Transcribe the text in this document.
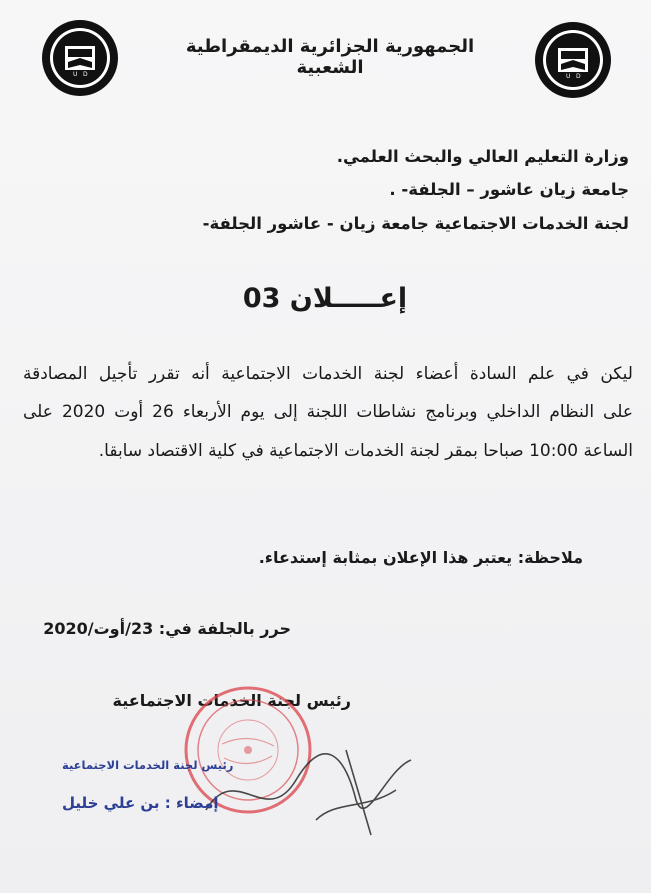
U D	U D
الجمهورية الجزائرية الديمقراطية الشعبية
وزارة التعليم العالي والبحث العلمي.
جامعة زيان عاشور – الجلفة- .
لجنة الخدمات الاجتماعية جامعة زيان - عاشور الجلفة-
إعـــــلان 03
ليكن في علم السادة أعضاء لجنة الخدمات الاجتماعية أنه تقرر تأجيل المصادقة
على النظام الداخلي وبرنامج نشاطات اللجنة إلى يوم الأربعاء 26 أوت 2020 على
الساعة 10:00 صباحا بمقر لجنة الخدمات الاجتماعية في كلية الاقتصاد سابقا.
ملاحظة: يعتبر هذا الإعلان بمثابة إستدعاء.
حرر بالجلفة في: 23/أوت/2020
رئيس لجنة الخدمات الاجتماعية
رئيس لجنة الخدمات الاجتماعية
إمضاء : بن علي خليل
